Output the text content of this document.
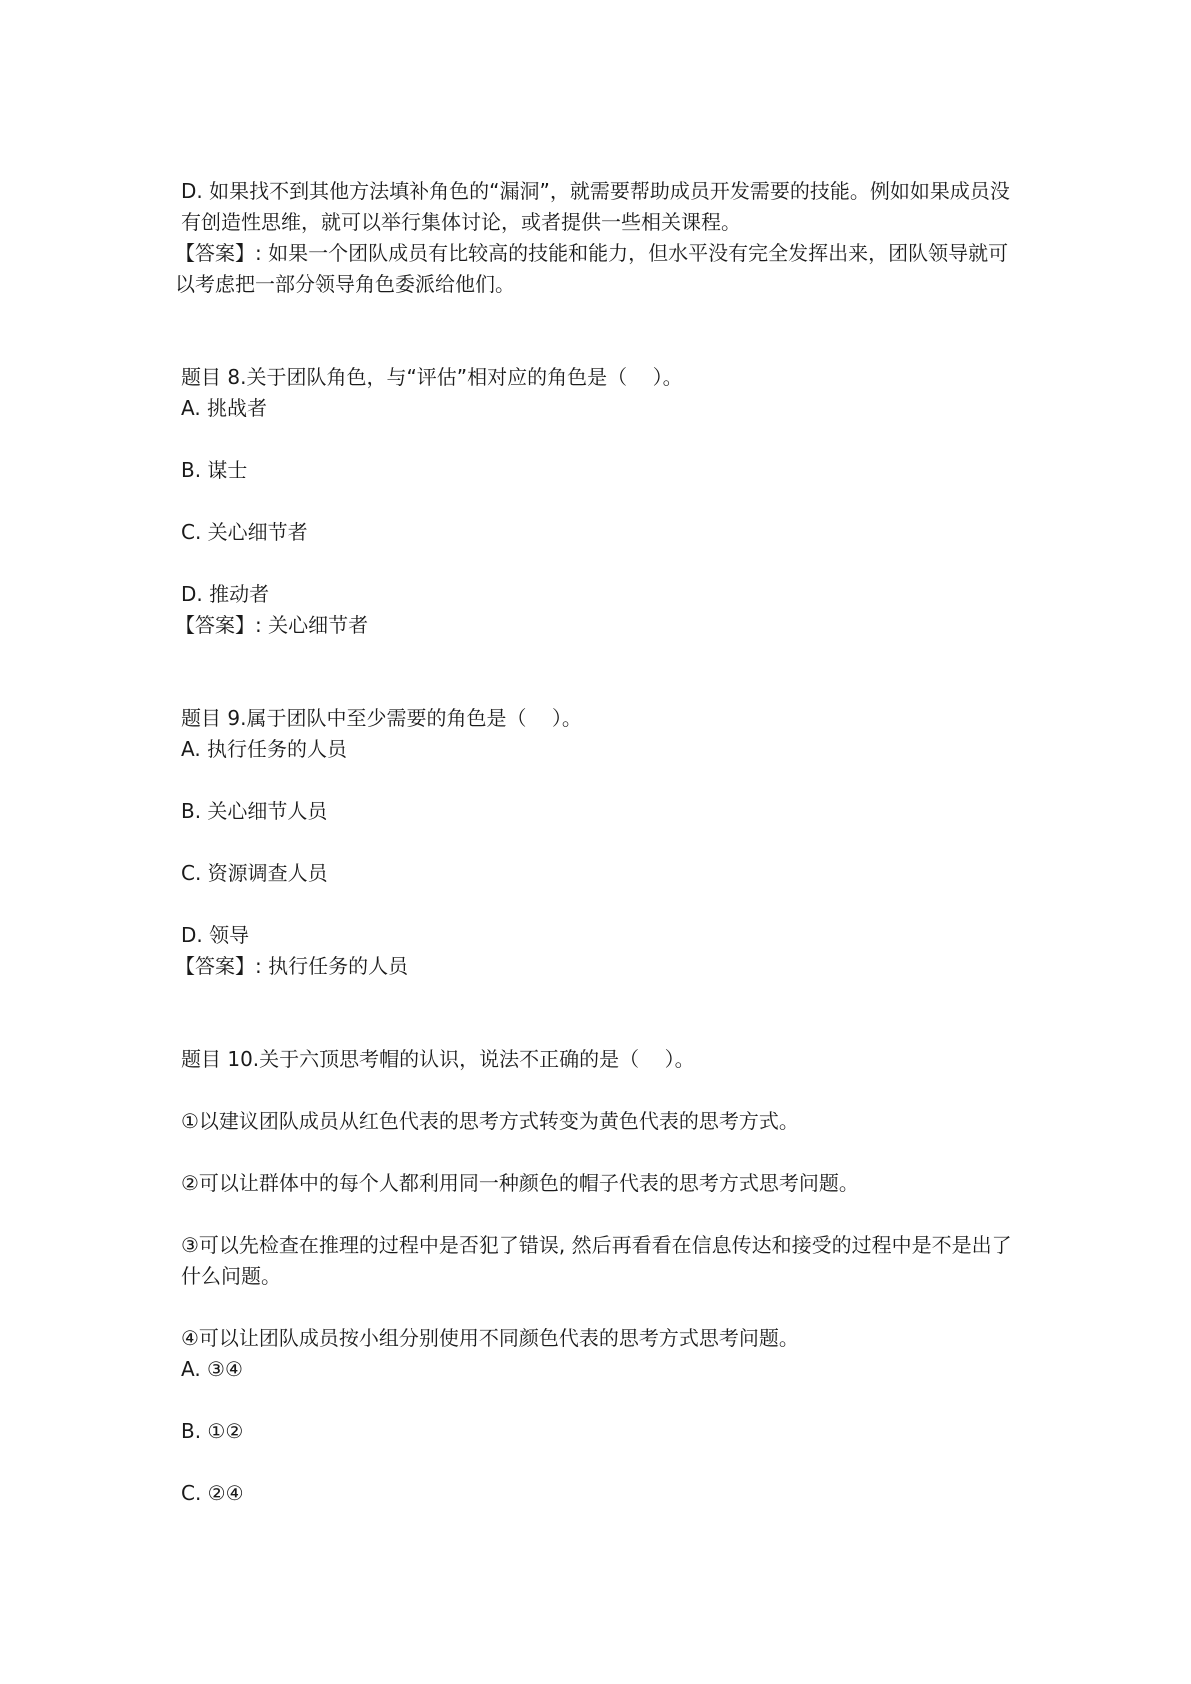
D. 如果找不到其他方法填补角色的“漏洞”，就需要帮助成员开发需要的技能。例如如果成员没有创造性思维，就可以举行集体讨论，或者提供一些相关课程。

【答案】: 如果一个团队成员有比较高的技能和能力，但水平没有完全发挥出来，团队领导就可以考虑把一部分领导角色委派给他们。

题目 8.关于团队角色，与“评估”相对应的角色是（    ）。

A. 挑战者

B. 谋士

C. 关心细节者

D. 推动者

【答案】: 关心细节者

题目 9.属于团队中至少需要的角色是（    ）。

A. 执行任务的人员

B. 关心细节人员

C. 资源调查人员

D. 领导

【答案】: 执行任务的人员

题目 10.关于六顶思考帽的认识，说法不正确的是（    ）。

①以建议团队成员从红色代表的思考方式转变为黄色代表的思考方式。

②可以让群体中的每个人都利用同一种颜色的帽子代表的思考方式思考问题。

③可以先检查在推理的过程中是否犯了错误, 然后再看看在信息传达和接受的过程中是不是出了什么问题。

④可以让团队成员按小组分别使用不同颜色代表的思考方式思考问题。

A. ③④

B. ①②

C. ②④
